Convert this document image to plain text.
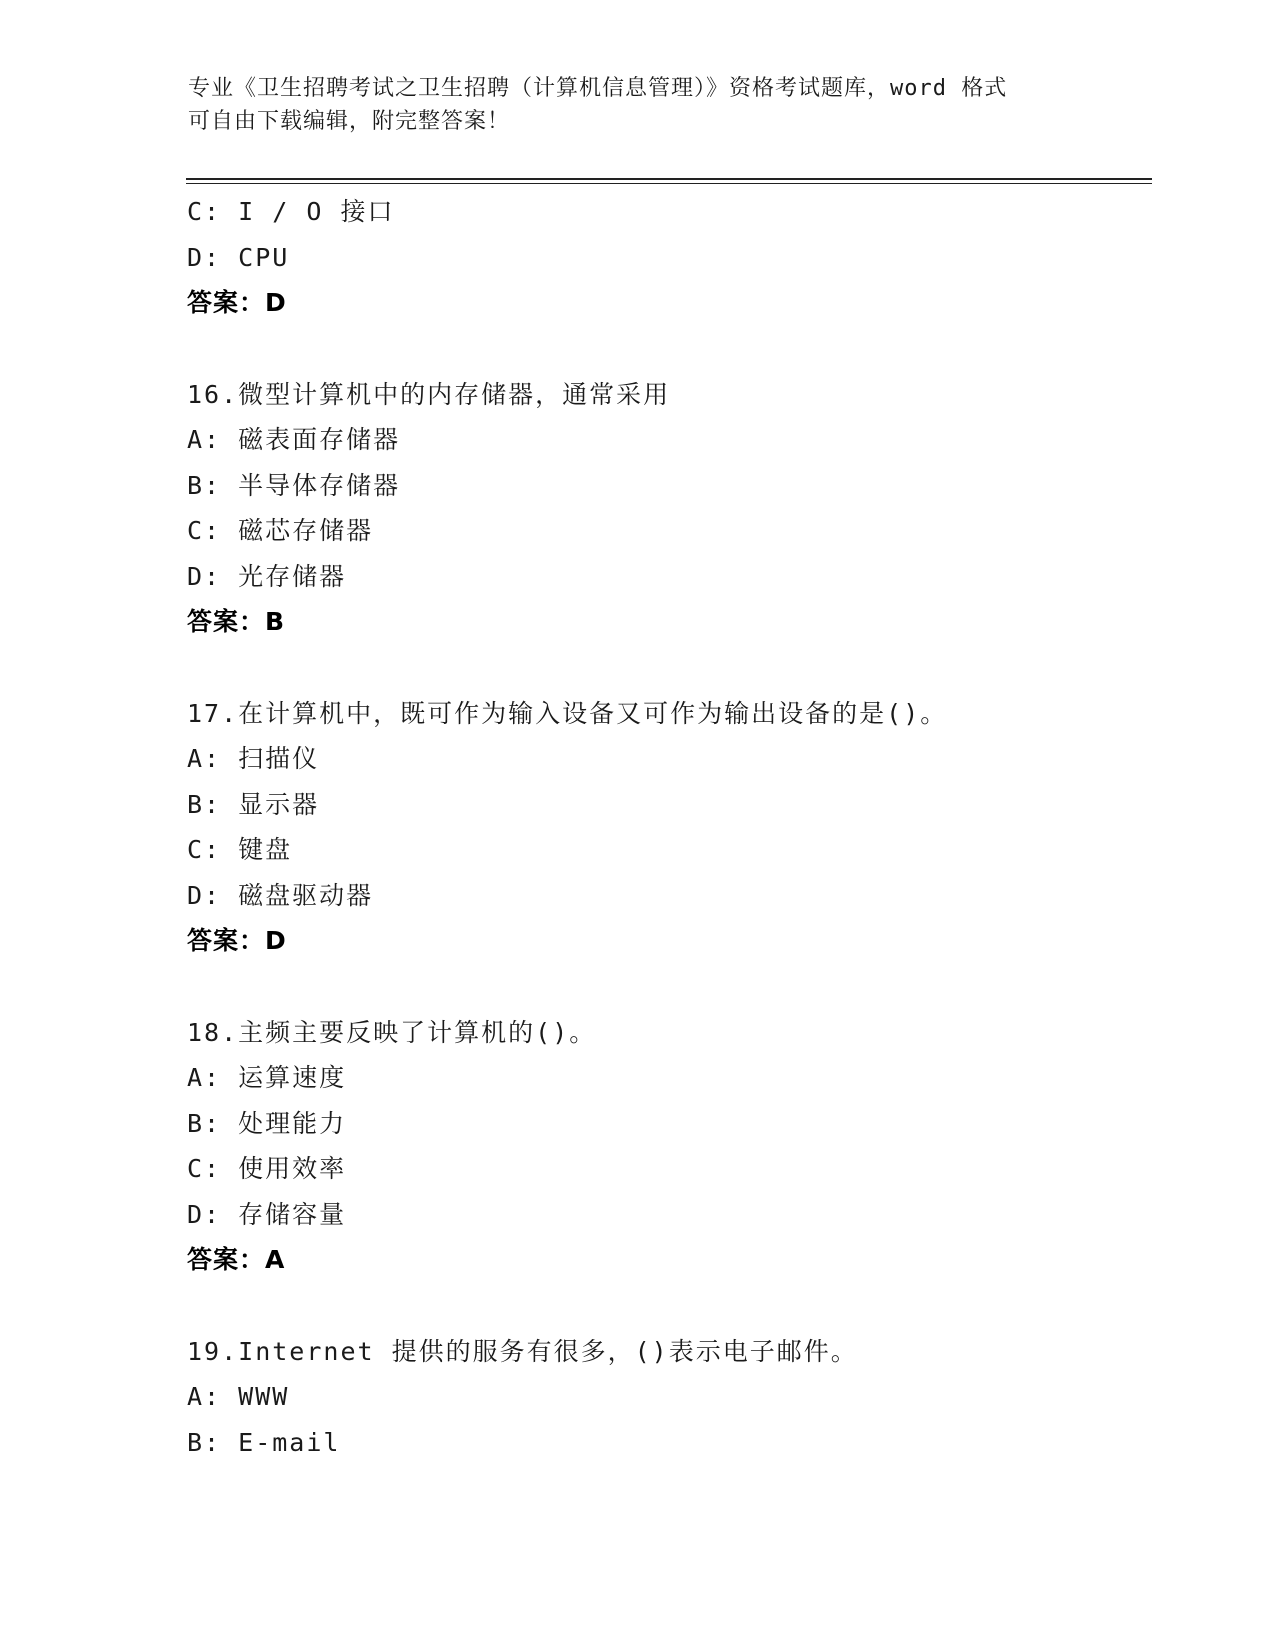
专业《卫生招聘考试之卫生招聘（计算机信息管理）》资格考试题库，word 格式
可自由下载编辑，附完整答案！
C: I / O 接口
D: CPU
答案：D
16.微型计算机中的内存储器，通常采用
A: 磁表面存储器
B: 半导体存储器
C: 磁芯存储器
D: 光存储器
答案：B
17.在计算机中，既可作为输入设备又可作为输出设备的是()。
A: 扫描仪
B: 显示器
C: 键盘
D: 磁盘驱动器
答案：D
18.主频主要反映了计算机的()。
A: 运算速度
B: 处理能力
C: 使用效率
D: 存储容量
答案：A
19.Internet 提供的服务有很多，()表示电子邮件。
A: WWW
B: E-mail
